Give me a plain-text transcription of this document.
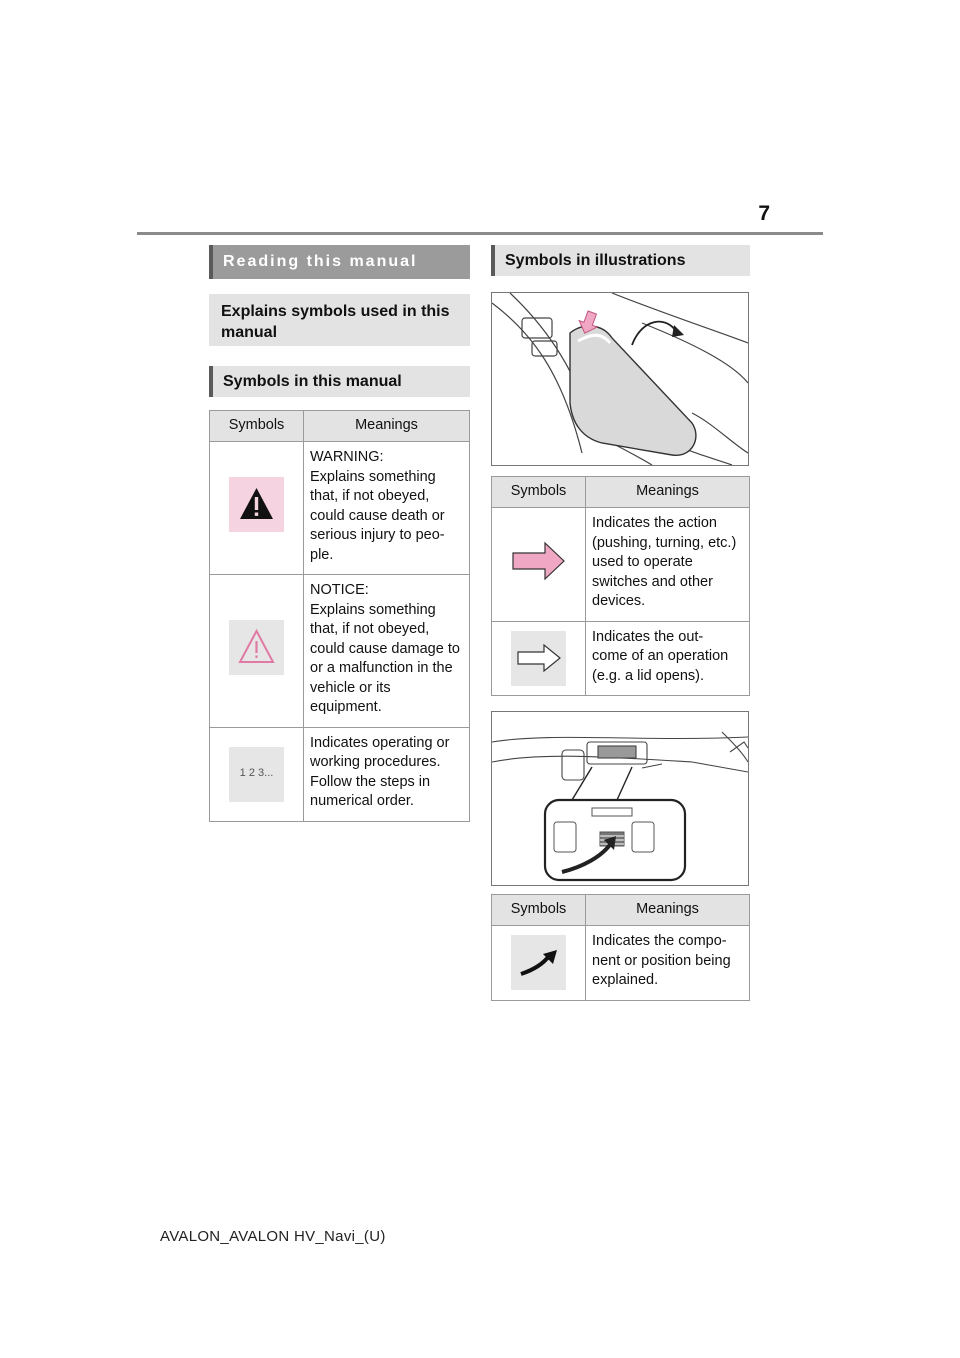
7
Reading this manual
Explains symbols used in this manual
Symbols in this manual
Symbols	Meanings
	WARNING:
Explains something that, if not obeyed, could cause death or serious injury to peo-
ple.
	NOTICE:
Explains something that, if not obeyed, could cause damage to or a malfunction in the vehicle or its equipment.

1 2 3...	Indicates operating or working procedures. Follow the steps in numerical order.
Symbols in illustrations
Symbols	Meanings
	Indicates the action (pushing, turning, etc.) used to operate switches and other devices.

	Indicates the out-
come of an operation (e.g. a lid opens).
Symbols	Meanings

	Indicates the compo-
nent or position being explained.
AVALON_AVALON HV_Navi_(U)
